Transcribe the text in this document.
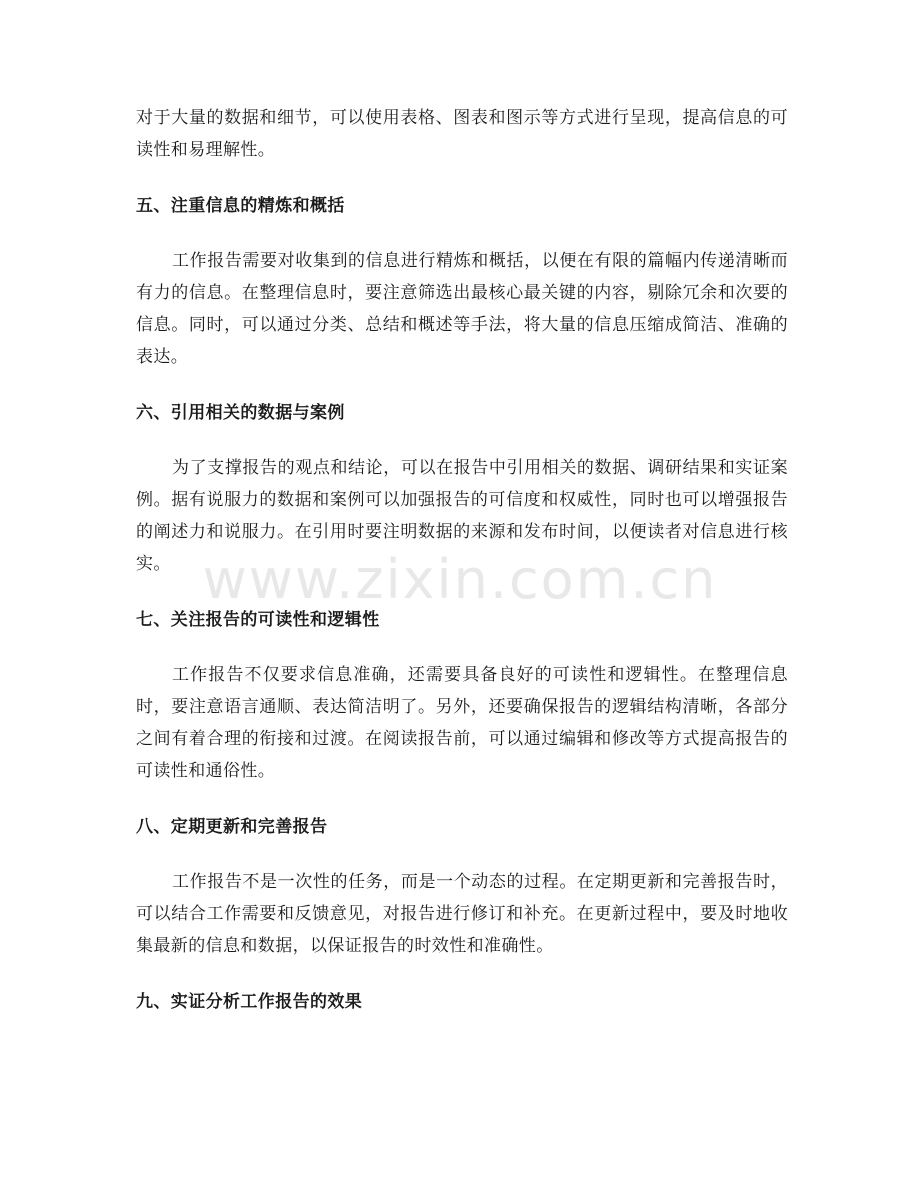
对于大量的数据和细节，可以使用表格、图表和图示等方式进行呈现，提高信息的可读性和易理解性。

五、注重信息的精炼和概括

工作报告需要对收集到的信息进行精炼和概括，以便在有限的篇幅内传递清晰而有力的信息。在整理信息时，要注意筛选出最核心最关键的内容，剔除冗余和次要的信息。同时，可以通过分类、总结和概述等手法，将大量的信息压缩成简洁、准确的表达。

六、引用相关的数据与案例

为了支撑报告的观点和结论，可以在报告中引用相关的数据、调研结果和实证案例。据有说服力的数据和案例可以加强报告的可信度和权威性，同时也可以增强报告的阐述力和说服力。在引用时要注明数据的来源和发布时间，以便读者对信息进行核实。

七、关注报告的可读性和逻辑性

工作报告不仅要求信息准确，还需要具备良好的可读性和逻辑性。在整理信息时，要注意语言通顺、表达简洁明了。另外，还要确保报告的逻辑结构清晰，各部分之间有着合理的衔接和过渡。在阅读报告前，可以通过编辑和修改等方式提高报告的可读性和通俗性。

八、定期更新和完善报告

工作报告不是一次性的任务，而是一个动态的过程。在定期更新和完善报告时，可以结合工作需要和反馈意见，对报告进行修订和补充。在更新过程中，要及时地收集最新的信息和数据，以保证报告的时效性和准确性。

九、实证分析工作报告的效果
www.zixin.com.cn
